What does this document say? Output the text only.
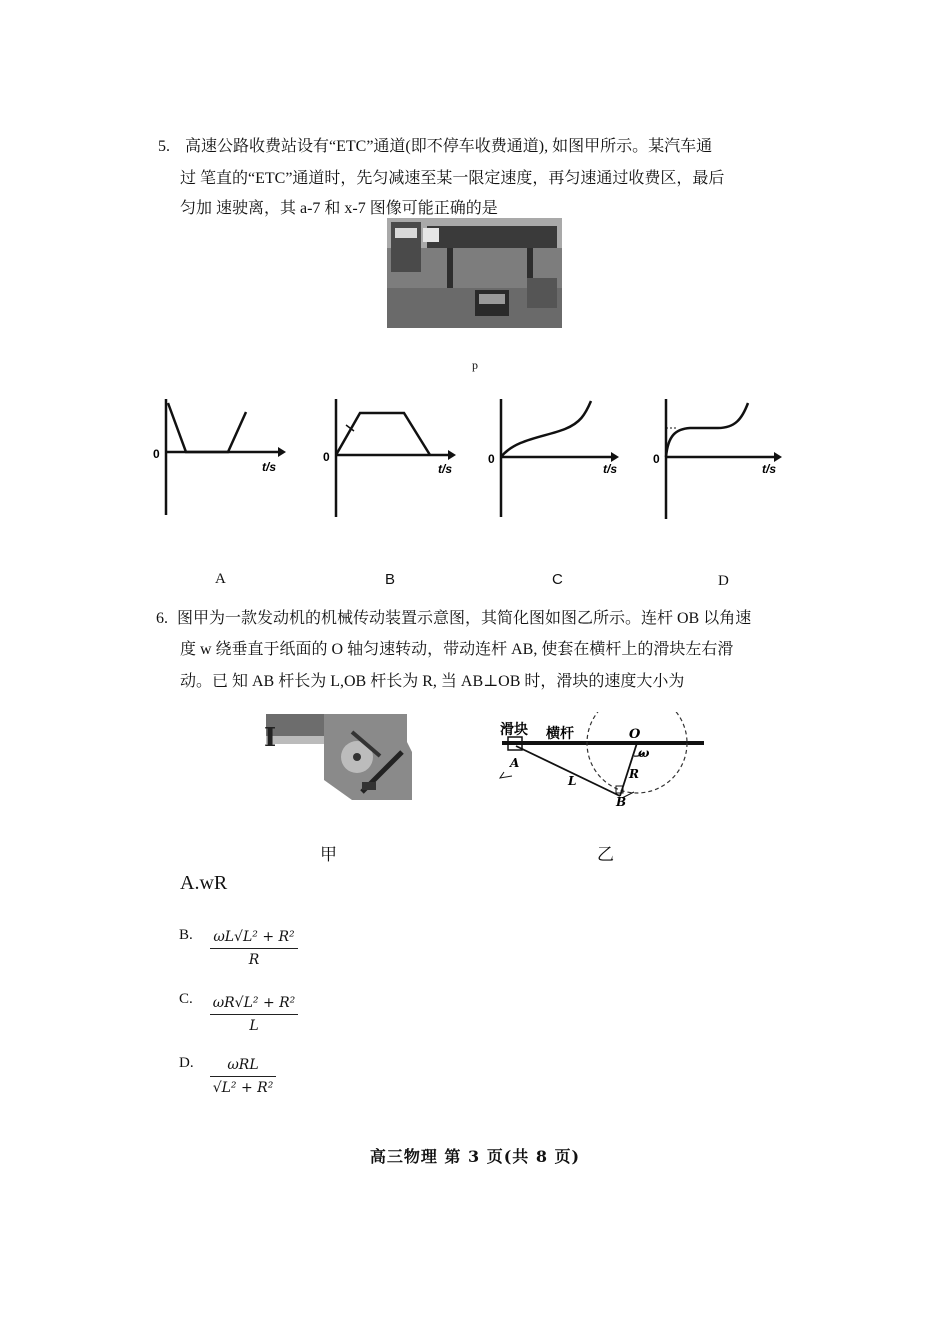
5. 高速公路收费站设有“ETC”通道(即不停车收费通道), 如图甲所示。某汽车通
过 笔直的“ETC”通道时，先匀减速至某一限定速度，再匀速通过收费区，最后
匀加 速驶离，其 a-7 和 x-7 图像可能正确的是
p
0
t/s
0
t/s
0
t/s
0
t/s
A	B	C	D
6. 图甲为一款发动机的机械传动装置示意图，其简化图如图乙所示。连杆 OB 以角速
度 w 绕垂直于纸面的 O 轴匀速转动，带动连杆 AB, 使套在横杆上的滑块左右滑
动。已 知 AB 杆长为 L,OB 杆长为 R, 当 AB⊥OB 时，滑块的速度大小为
I	滑块 横杆	O
ω
A
L	R
B
甲	乙
A.wR
B. ωL√L² + R²
R
C. ωR√L² + R²
L
D.	ωRL
√L² + R²
高三物理 第 3 页(共 8 页)
